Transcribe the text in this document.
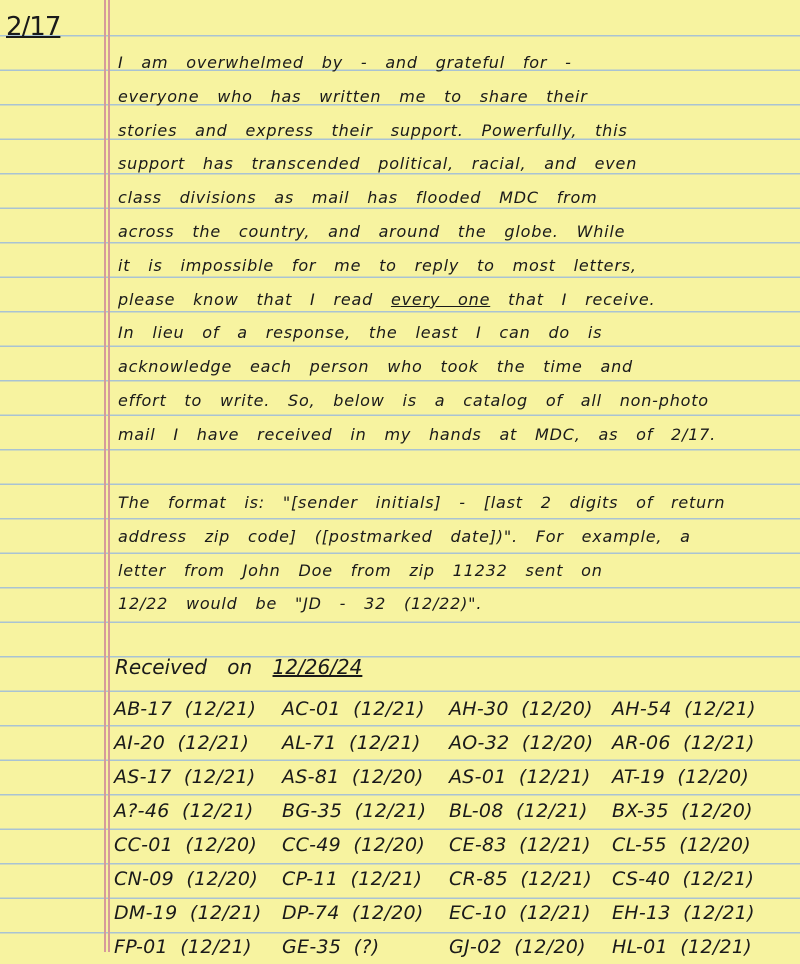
2/17
I am overwhelmed by - and grateful for -
everyone who has written me to share their
stories and express their support. Powerfully, this
support has transcended political, racial, and even
class divisions as mail has flooded MDC from
across the country, and around the globe. While
it is impossible for me to reply to most letters,
please know that I read every one that I receive.
In lieu of a response, the least I can do is
acknowledge each person who took the time and
effort to write. So, below is a catalog of all non-photo
mail I have received in my hands at MDC, as of 2/17.
The format is: "[sender initials] - [last 2 digits of return
address zip code] ([postmarked date])". For example, a
letter from John Doe from zip 11232 sent on
12/22 would be "JD - 32 (12/22)".
Received on 12/26/24
AB-17 (12/21)	AC-01 (12/21)	AH-30 (12/20)	AH-54 (12/21)
AI-20 (12/21)	AL-71 (12/21)	AO-32 (12/20) AR-06 (12/21)
AS-17 (12/21)	AS-81 (12/20)	AS-01 (12/21)	AT-19 (12/20)
A?-46 (12/21)	BG-35 (12/21)	BL-08 (12/21)	BX-35 (12/20)
CC-01 (12/20)	CC-49 (12/20)	CE-83 (12/21)	CL-55 (12/20)
CN-09 (12/20)	CP-11 (12/21)	CR-85 (12/21)	CS-40 (12/21)
DM-19 (12/21)	DP-74 (12/20)	EC-10 (12/21)	EH-13 (12/21)
FP-01 (12/21)	GE-35 (?)	GJ-02 (12/20)	HL-01 (12/21)
